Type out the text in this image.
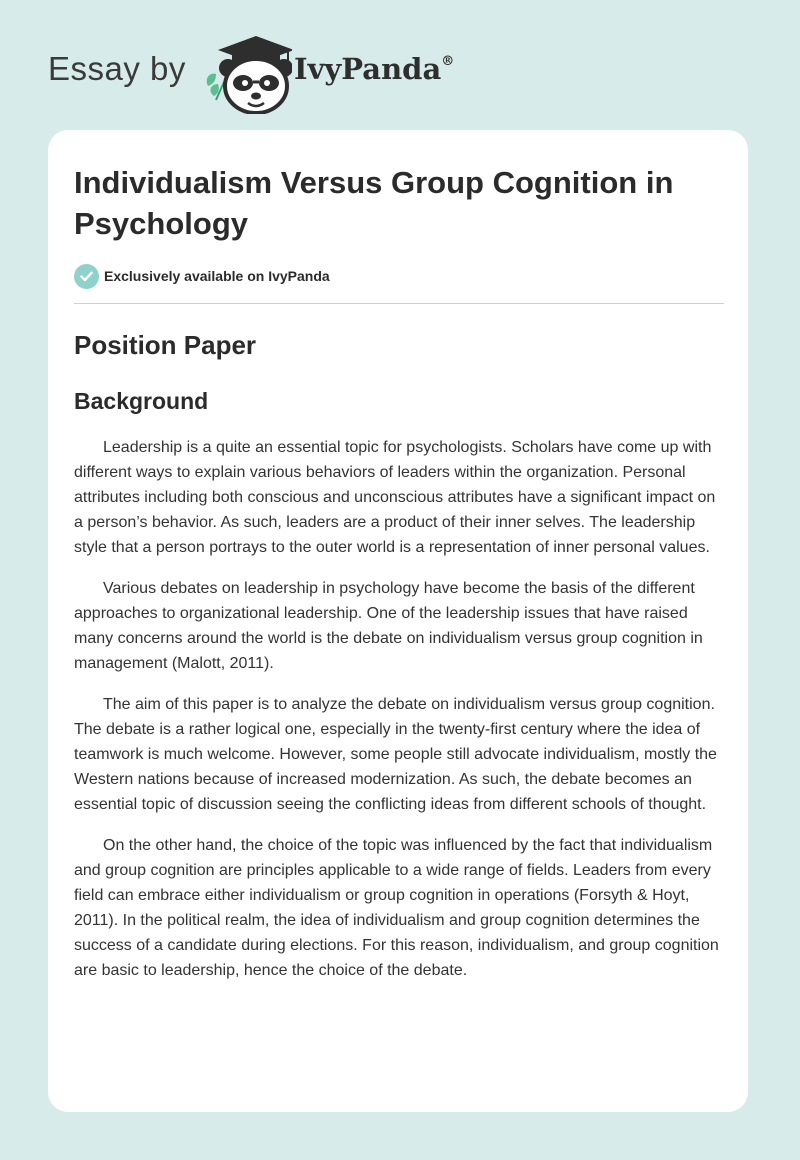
Essay by	IvyPanda®
Individualism Versus Group Cognition in Psychology
Exclusively available on IvyPanda
Position Paper
Background

Leadership is a quite an essential topic for psychologists. Scholars have come up with different ways to explain various behaviors of leaders within the organization. Personal attributes including both conscious and unconscious attributes have a significant impact on a person’s behavior. As such, leaders are a product of their inner selves. The leadership style that a person portrays to the outer world is a representation of inner personal values.

Various debates on leadership in psychology have become the basis of the different approaches to organizational leadership. One of the leadership issues that have raised many concerns around the world is the debate on individualism versus group cognition in management (Malott, 2011).

The aim of this paper is to analyze the debate on individualism versus group cognition. The debate is a rather logical one, especially in the twenty-first century where the idea of teamwork is much welcome. However, some people still advocate individualism, mostly the Western nations because of increased modernization. As such, the debate becomes an essential topic of discussion seeing the conflicting ideas from different schools of thought.

On the other hand, the choice of the topic was influenced by the fact that individualism and group cognition are principles applicable to a wide range of fields. Leaders from every field can embrace either individualism or group cognition in operations (Forsyth & Hoyt, 2011). In the political realm, the idea of individualism and group cognition determines the success of a candidate during elections. For this reason, individualism, and group cognition are basic to leadership, hence the choice of the debate.
